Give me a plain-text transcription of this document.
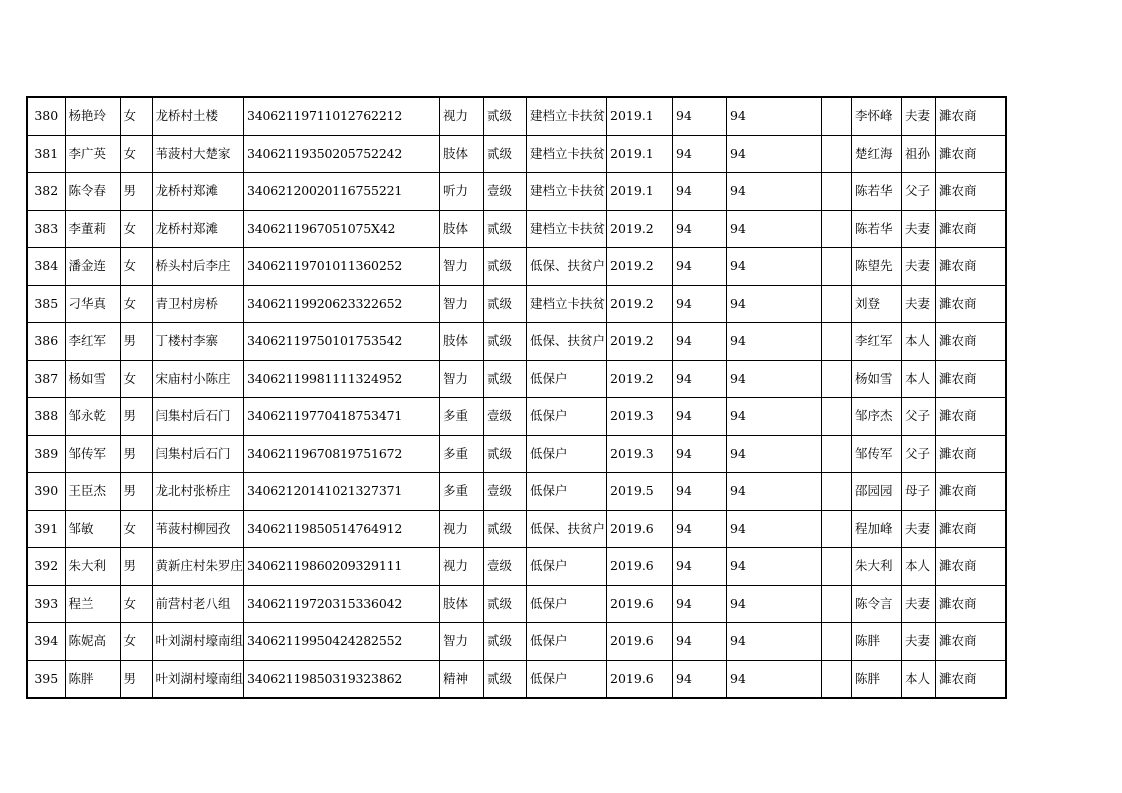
380	杨艳玲	女	龙桥村土楼	34062119711012762212	视力	贰级	建档立卡扶贫	2019.1	94	94		李怀峰	夫妻	濉农商
381	李广英	女	苇菠村大楚家	34062119350205752242	肢体	贰级	建档立卡扶贫	2019.1	94	94		楚红海	祖孙	濉农商
382	陈令春	男	龙桥村郑滩	34062120020116755221	听力	壹级	建档立卡扶贫	2019.1	94	94		陈若华	父子	濉农商
383	李董莉	女	龙桥村郑滩	3406211967051075X42	肢体	贰级	建档立卡扶贫	2019.2	94	94		陈若华	夫妻	濉农商
384	潘金连	女	桥头村后李庄	34062119701011360252	智力	贰级	低保、扶贫户	2019.2	94	94		陈望先	夫妻	濉农商
385	刁华真	女	青卫村房桥	34062119920623322652	智力	贰级	建档立卡扶贫	2019.2	94	94		刘登	夫妻	濉农商
386	李红军	男	丁楼村李寨	34062119750101753542	肢体	贰级	低保、扶贫户	2019.2	94	94		李红军	本人	濉农商
387	杨如雪	女	宋庙村小陈庄	34062119981111324952	智力	贰级	低保户	2019.2	94	94		杨如雪	本人	濉农商
388	邹永乾	男	闫集村后石门	34062119770418753471	多重	壹级	低保户	2019.3	94	94		邹序杰	父子	濉农商
389	邹传军	男	闫集村后石门	34062119670819751672	多重	贰级	低保户	2019.3	94	94		邹传军	父子	濉农商
390	王臣杰	男	龙北村张桥庄	34062120141021327371	多重	壹级	低保户	2019.5	94	94		邵园园	母子	濉农商
391	邹敏	女	苇菠村柳园孜	34062119850514764912	视力	贰级	低保、扶贫户	2019.6	94	94		程加峰	夫妻	濉农商
392	朱大利	男	黄新庄村朱罗庄	34062119860209329111	视力	壹级	低保户	2019.6	94	94		朱大利	本人	濉农商
393	程兰	女	前营村老八组	34062119720315336042	肢体	贰级	低保户	2019.6	94	94		陈令言	夫妻	濉农商
394	陈妮高	女	叶刘湖村壕南组	34062119950424282552	智力	贰级	低保户	2019.6	94	94		陈胖	夫妻	濉农商
395	陈胖	男	叶刘湖村壕南组	34062119850319323862	精神	贰级	低保户	2019.6	94	94		陈胖	本人	濉农商
